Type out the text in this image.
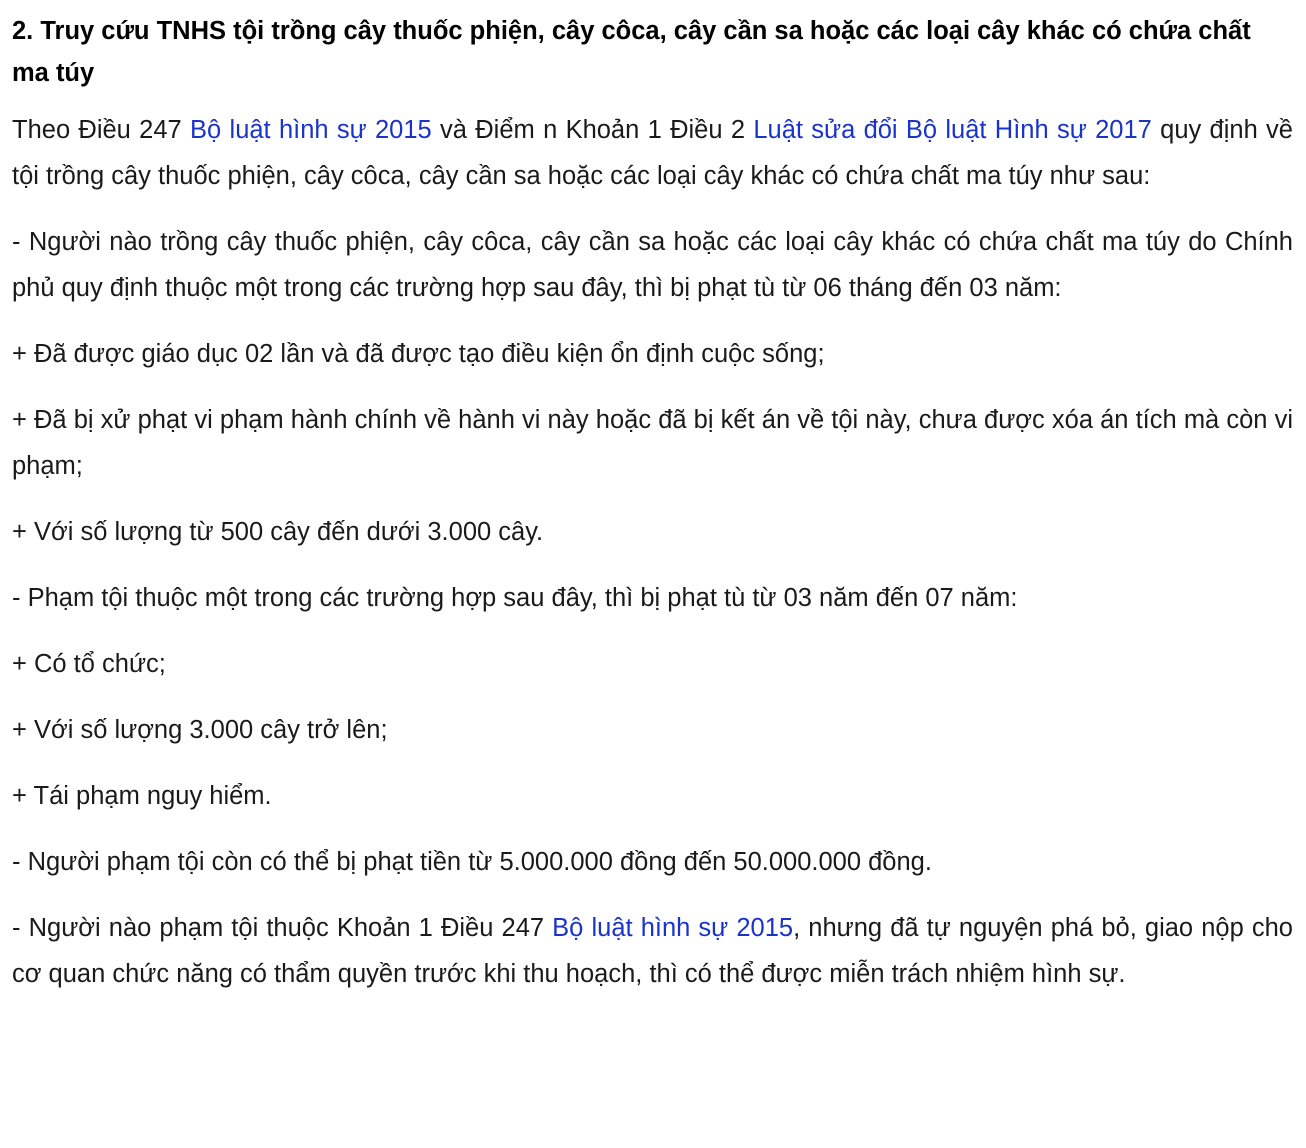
2. Truy cứu TNHS tội trồng cây thuốc phiện, cây côca, cây cần sa hoặc các loại cây khác có chứa chất ma túy

Theo Điều 247 Bộ luật hình sự 2015 và Điểm n Khoản 1 Điều 2 Luật sửa đổi Bộ luật Hình sự 2017 quy định về tội trồng cây thuốc phiện, cây côca, cây cần sa hoặc các loại cây khác có chứa chất ma túy như sau:

- Người nào trồng cây thuốc phiện, cây côca, cây cần sa hoặc các loại cây khác có chứa chất ma túy do Chính phủ quy định thuộc một trong các trường hợp sau đây, thì bị phạt tù từ 06 tháng đến 03 năm:

+ Đã được giáo dục 02 lần và đã được tạo điều kiện ổn định cuộc sống;

+ Đã bị xử phạt vi phạm hành chính về hành vi này hoặc đã bị kết án về tội này, chưa được xóa án tích mà còn vi phạm;

+ Với số lượng từ 500 cây đến dưới 3.000 cây.

- Phạm tội thuộc một trong các trường hợp sau đây, thì bị phạt tù từ 03 năm đến 07 năm:

+ Có tổ chức;

+ Với số lượng 3.000 cây trở lên;

+ Tái phạm nguy hiểm.

- Người phạm tội còn có thể bị phạt tiền từ 5.000.000 đồng đến 50.000.000 đồng.

- Người nào phạm tội thuộc Khoản 1 Điều 247 Bộ luật hình sự 2015, nhưng đã tự nguyện phá bỏ, giao nộp cho cơ quan chức năng có thẩm quyền trước khi thu hoạch, thì có thể được miễn trách nhiệm hình sự.
